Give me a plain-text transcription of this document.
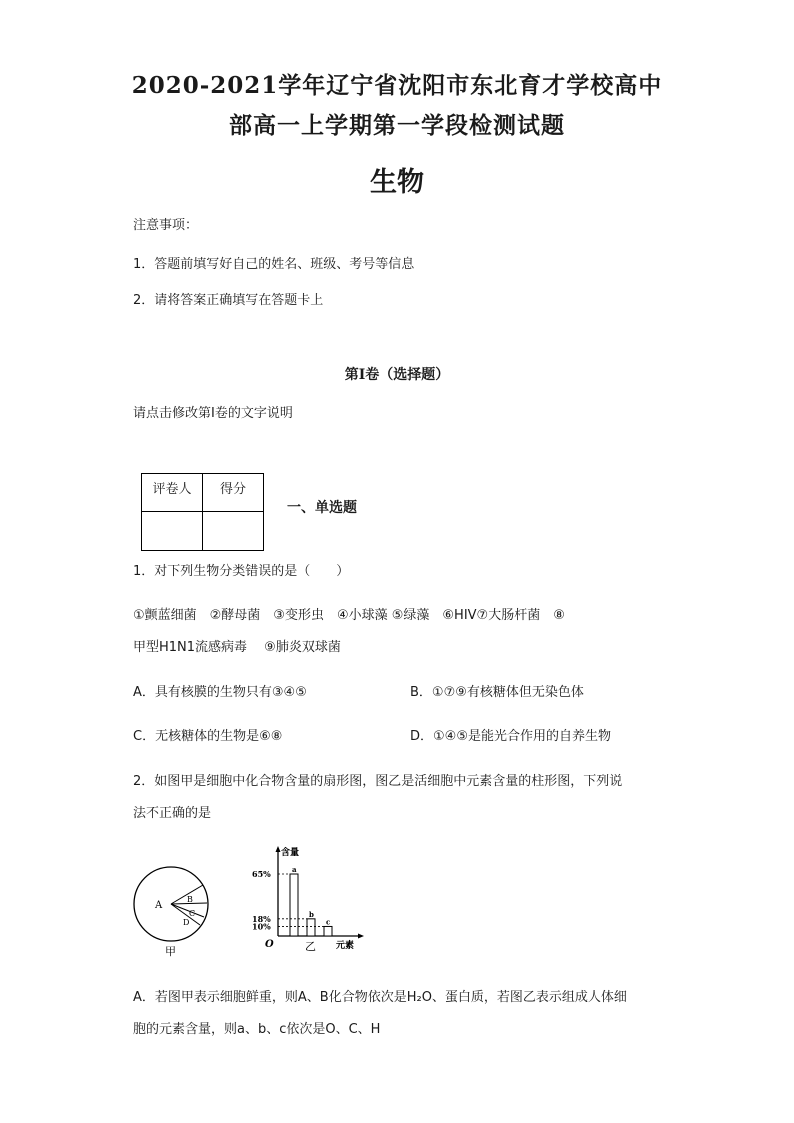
2020-2021学年辽宁省沈阳市东北育才学校高中
部高一上学期第一学段检测试题
生物
注意事项：
1．答题前填写好自己的姓名、班级、考号等信息
2．请将答案正确填写在答题卡上
第I卷（选择题）
请点击修改第I卷的文字说明
评卷人	得分

一、单选题
1．对下列生物分类错误的是（　　）
①颤蓝细菌　②酵母菌　③变形虫　④小球藻 ⑤绿藻　⑥HIV⑦大肠杆菌　⑧
甲型H1N1流感病毒　 ⑨肺炎双球菌
A．具有核膜的生物只有③④⑤	B．①⑦⑨有核糖体但无染色体
C．无核糖体的生物是⑥⑧	D．①④⑤是能光合作用的自养生物
2．如图甲是细胞中化合物含量的扇形图，图乙是活细胞中元素含量的柱形图，下列说
法不正确的是
A
B
C
D
甲
含量
元素
O	乙
a
65%
b
18%	c
10%
A．若图甲表示细胞鲜重，则A、B化合物依次是H₂O、蛋白质，若图乙表示组成人体细
胞的元素含量，则a、b、c依次是O、C、H
